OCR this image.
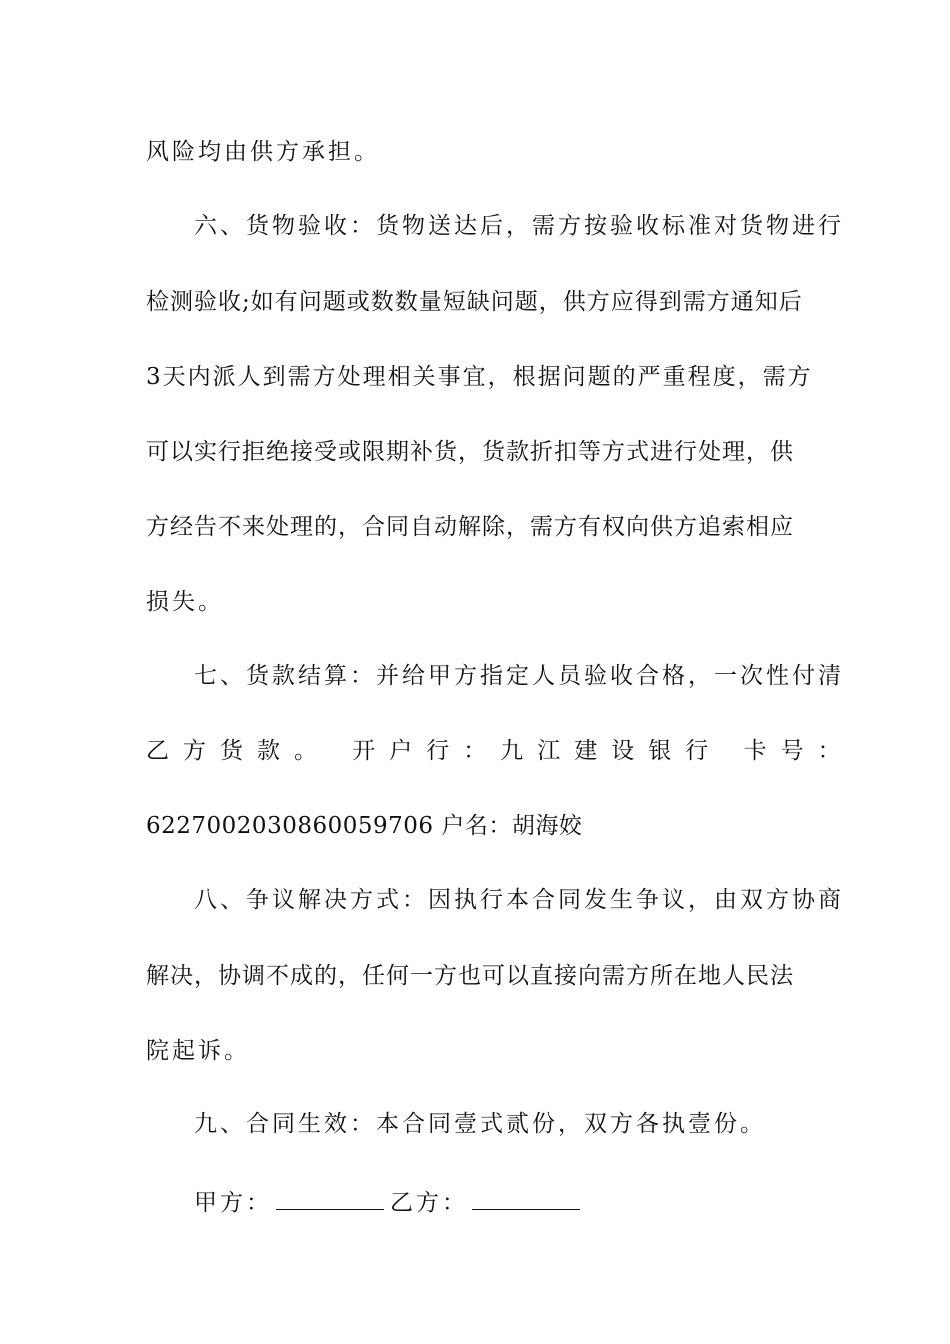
风险均由供方承担。
六、货物验收：货物送达后，需方按验收标准对货物进行
检测验收;如有问题或数数量短缺问题，供方应得到需方通知后
3天内派人到需方处理相关事宜，根据问题的严重程度，需方
可以实行拒绝接受或限期补货，货款折扣等方式进行处理，供
方经告不来处理的，合同自动解除，需方有权向供方追索相应
损失。
七、货款结算：并给甲方指定人员验收合格，一次性付清
乙方货款。 开户行：九江建设银行 卡号：
6227002030860059706 户名：胡海姣
八、争议解决方式：因执行本合同发生争议，由双方协商
解决，协调不成的，任何一方也可以直接向需方所在地人民法
院起诉。
九、合同生效：本合同壹式贰份，双方各执壹份。
甲方：	乙方：
